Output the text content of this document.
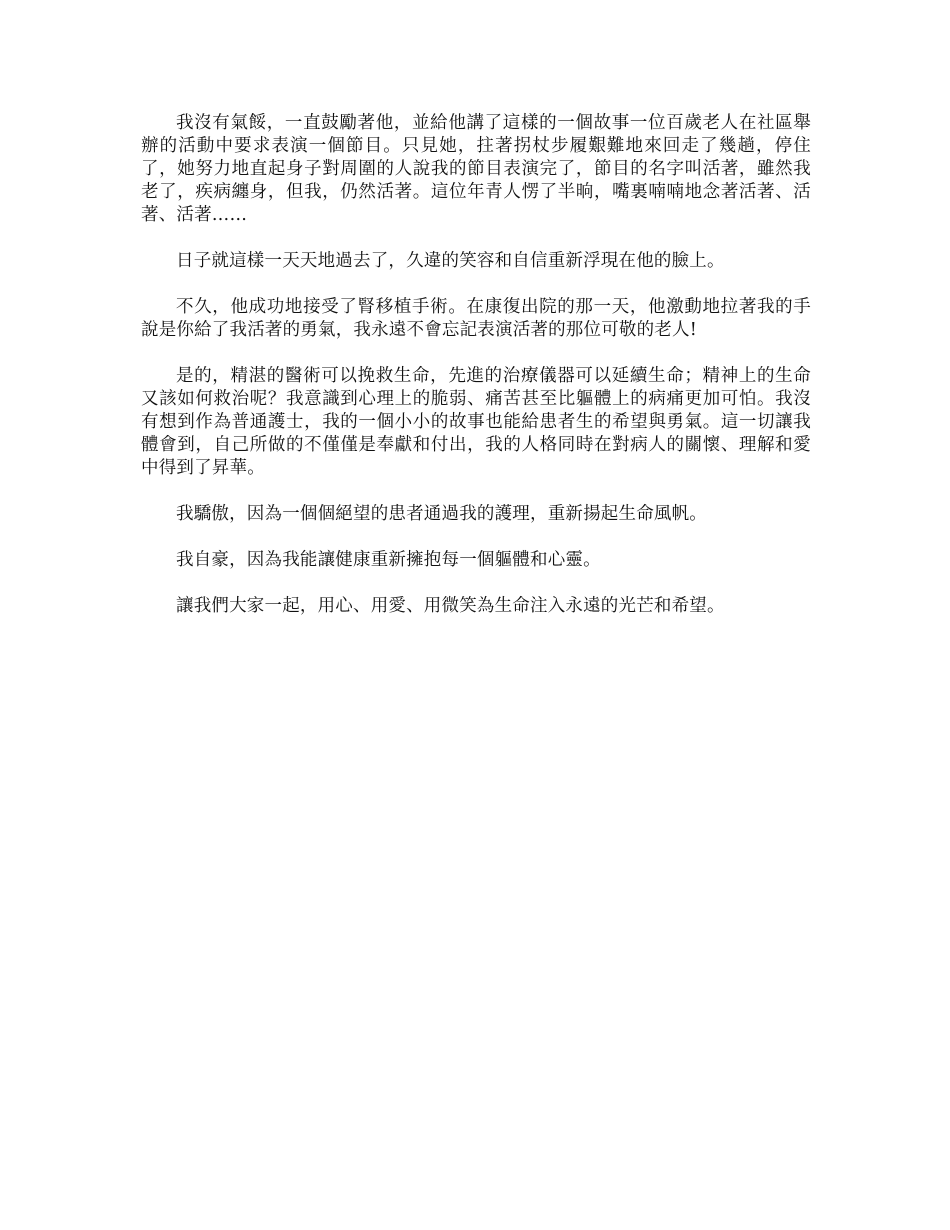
我沒有氣餒，一直鼓勵著他，並給他講了這樣的一個故事一位百歲老人在社區舉辦的活動中要求表演一個節目。只見她，拄著拐杖步履艱難地來回走了幾趟，停住了，她努力地直起身子對周圍的人說我的節目表演完了，節目的名字叫活著，雖然我老了，疾病纏身，但我，仍然活著。這位年青人愣了半晌，嘴裏喃喃地念著活著、活著、活著……

日子就這樣一天天地過去了，久違的笑容和自信重新浮現在他的臉上。

不久，他成功地接受了腎移植手術。在康復出院的那一天，他激動地拉著我的手說是你給了我活著的勇氣，我永遠不會忘記表演活著的那位可敬的老人!

是的，精湛的醫術可以挽救生命，先進的治療儀器可以延續生命；精神上的生命又該如何救治呢？我意識到心理上的脆弱、痛苦甚至比軀體上的病痛更加可怕。我沒有想到作為普通護士，我的一個小小的故事也能給患者生的希望與勇氣。這一切讓我體會到，自己所做的不僅僅是奉獻和付出，我的人格同時在對病人的關懷、理解和愛中得到了昇華。

我驕傲，因為一個個絕望的患者通過我的護理，重新揚起生命風帆。

我自豪，因為我能讓健康重新擁抱每一個軀體和心靈。

讓我們大家一起，用心、用愛、用微笑為生命注入永遠的光芒和希望。
